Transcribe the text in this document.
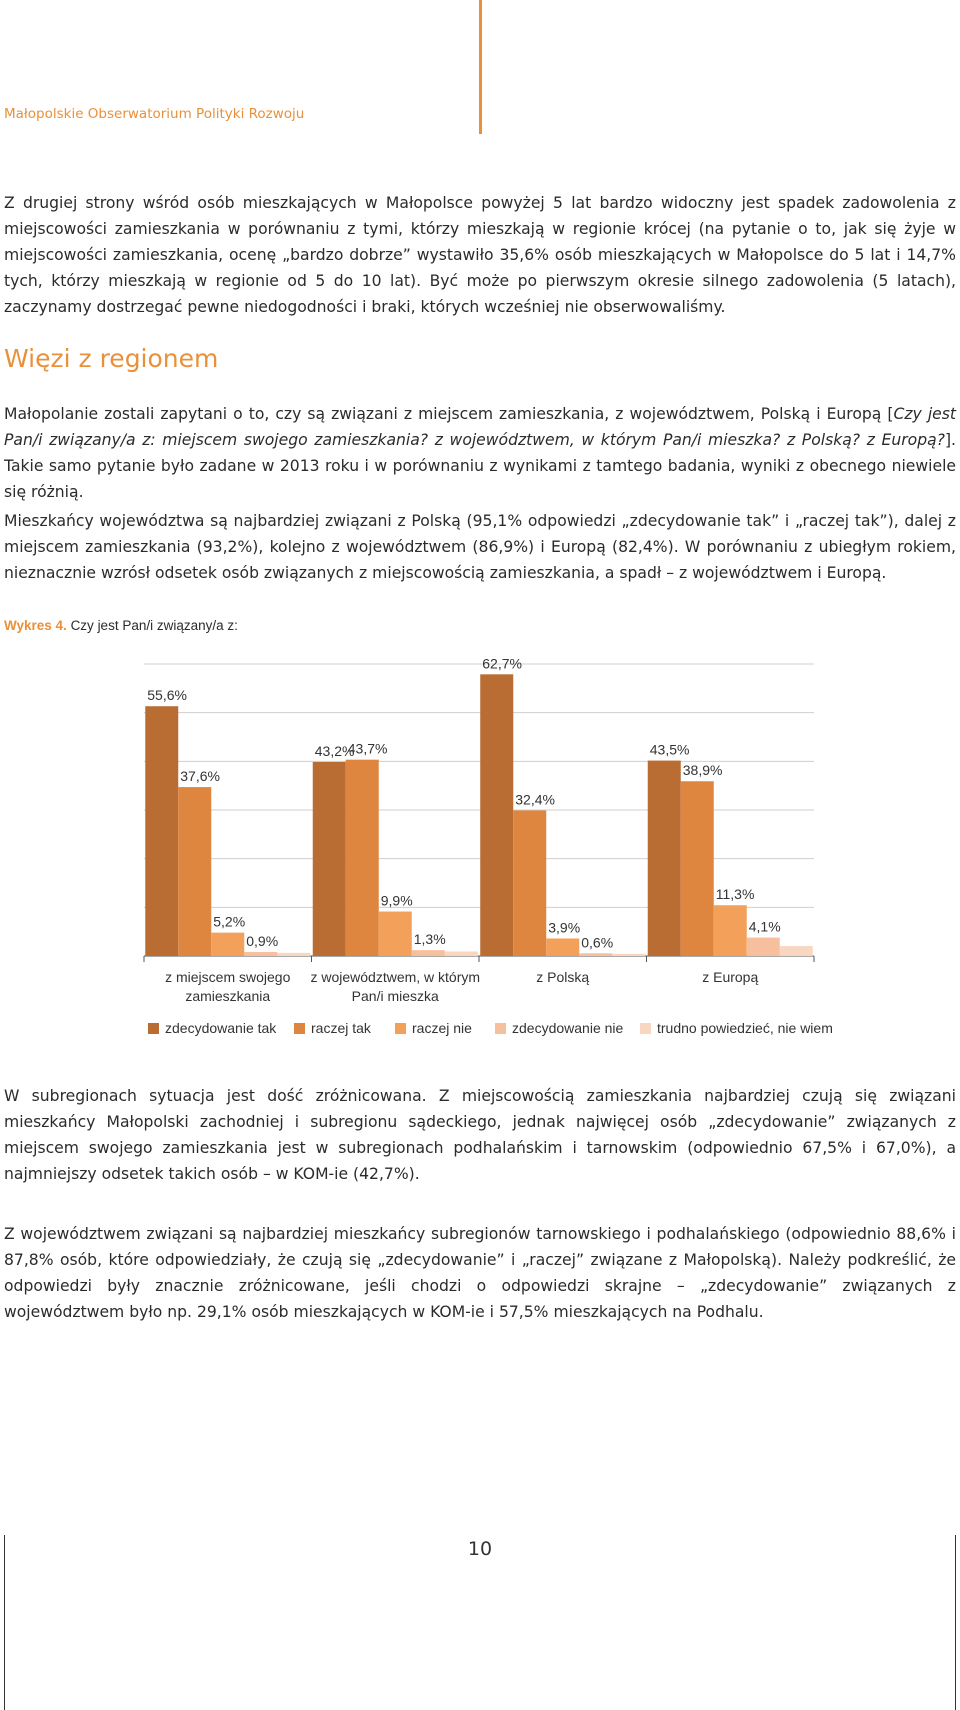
Małopolskie Obserwatorium Polityki Rozwoju

Z drugiej strony wśród osób mieszkających w Małopolsce powyżej 5 lat bardzo widoczny jest spadek zadowolenia z miejscowości zamieszkania w porównaniu z tymi, którzy mieszkają w regionie krócej (na pytanie o to, jak się żyje w miejscowości zamieszkania, ocenę „bardzo dobrze” wystawiło 35,6% osób mieszkających w Małopolsce do 5 lat i 14,7% tych, którzy mieszkają w regionie od 5 do 10 lat). Być może po pierwszym okresie silnego zadowolenia (5 latach), zaczynamy dostrzegać pewne niedogodności i braki, których wcześniej nie obserwowaliśmy.

Więzi z regionem

Małopolanie zostali zapytani o to, czy są związani z miejscem zamieszkania, z województwem, Polską i Europą [Czy jest Pan/i związany/a z: miejscem swojego zamieszkania? z województwem, w którym Pan/i mieszka? z Polską? z Europą?]. Takie samo pytanie było zadane w 2013 roku i w porównaniu z wynikami z tamtego badania, wyniki z obecnego niewiele się różnią.

Mieszkańcy województwa są najbardziej związani z Polską (95,1% odpowiedzi „zdecydowanie tak” i „raczej tak”), dalej z miejscem zamieszkania (93,2%), kolejno z województwem (86,9%) i Europą (82,4%). W porównaniu z ubiegłym rokiem, nieznacznie wzrósł odsetek osób związanych z miejscowością zamieszkania, a spadł – z województwem i Europą.

Wykres 4. Czy jest Pan/i związany/a z:
55,6%
37,6%
5,2%
0,9%
43,2%
43,7%
9,9%
1,3%
62,7%
32,4%
3,9%
0,6%
43,5%
38,9%
11,3%
4,1%
z miejscem swojego
zamieszkania
z województwem, w którym
Pan/i mieszka
z Polską	z Europą
zdecydowanie tak raczej tak	raczej nie	zdecydowanie nie trudno powiedzieć, nie wiem

W subregionach sytuacja jest dość zróżnicowana. Z miejscowością zamieszkania najbardziej czują się związani mieszkańcy Małopolski zachodniej i subregionu sądeckiego, jednak najwięcej osób „zdecydowanie” związanych z miejscem swojego zamieszkania jest w subregionach podhalańskim i tarnowskim (odpowiednio 67,5% i 67,0%), a najmniejszy odsetek takich osób – w KOM-ie (42,7%).

Z województwem związani są najbardziej mieszkańcy subregionów tarnowskiego i podhalańskiego (odpowiednio 88,6% i 87,8% osób, które odpowiedziały, że czują się „zdecydowanie” i „raczej” związane z Małopolską). Należy podkreślić, że odpowiedzi były znacznie zróżnicowane, jeśli chodzi o odpowiedzi skrajne – „zdecydowanie” związanych z województwem było np. 29,1% osób mieszkających w KOM-ie i 57,5% mieszkających na Podhalu.

10
